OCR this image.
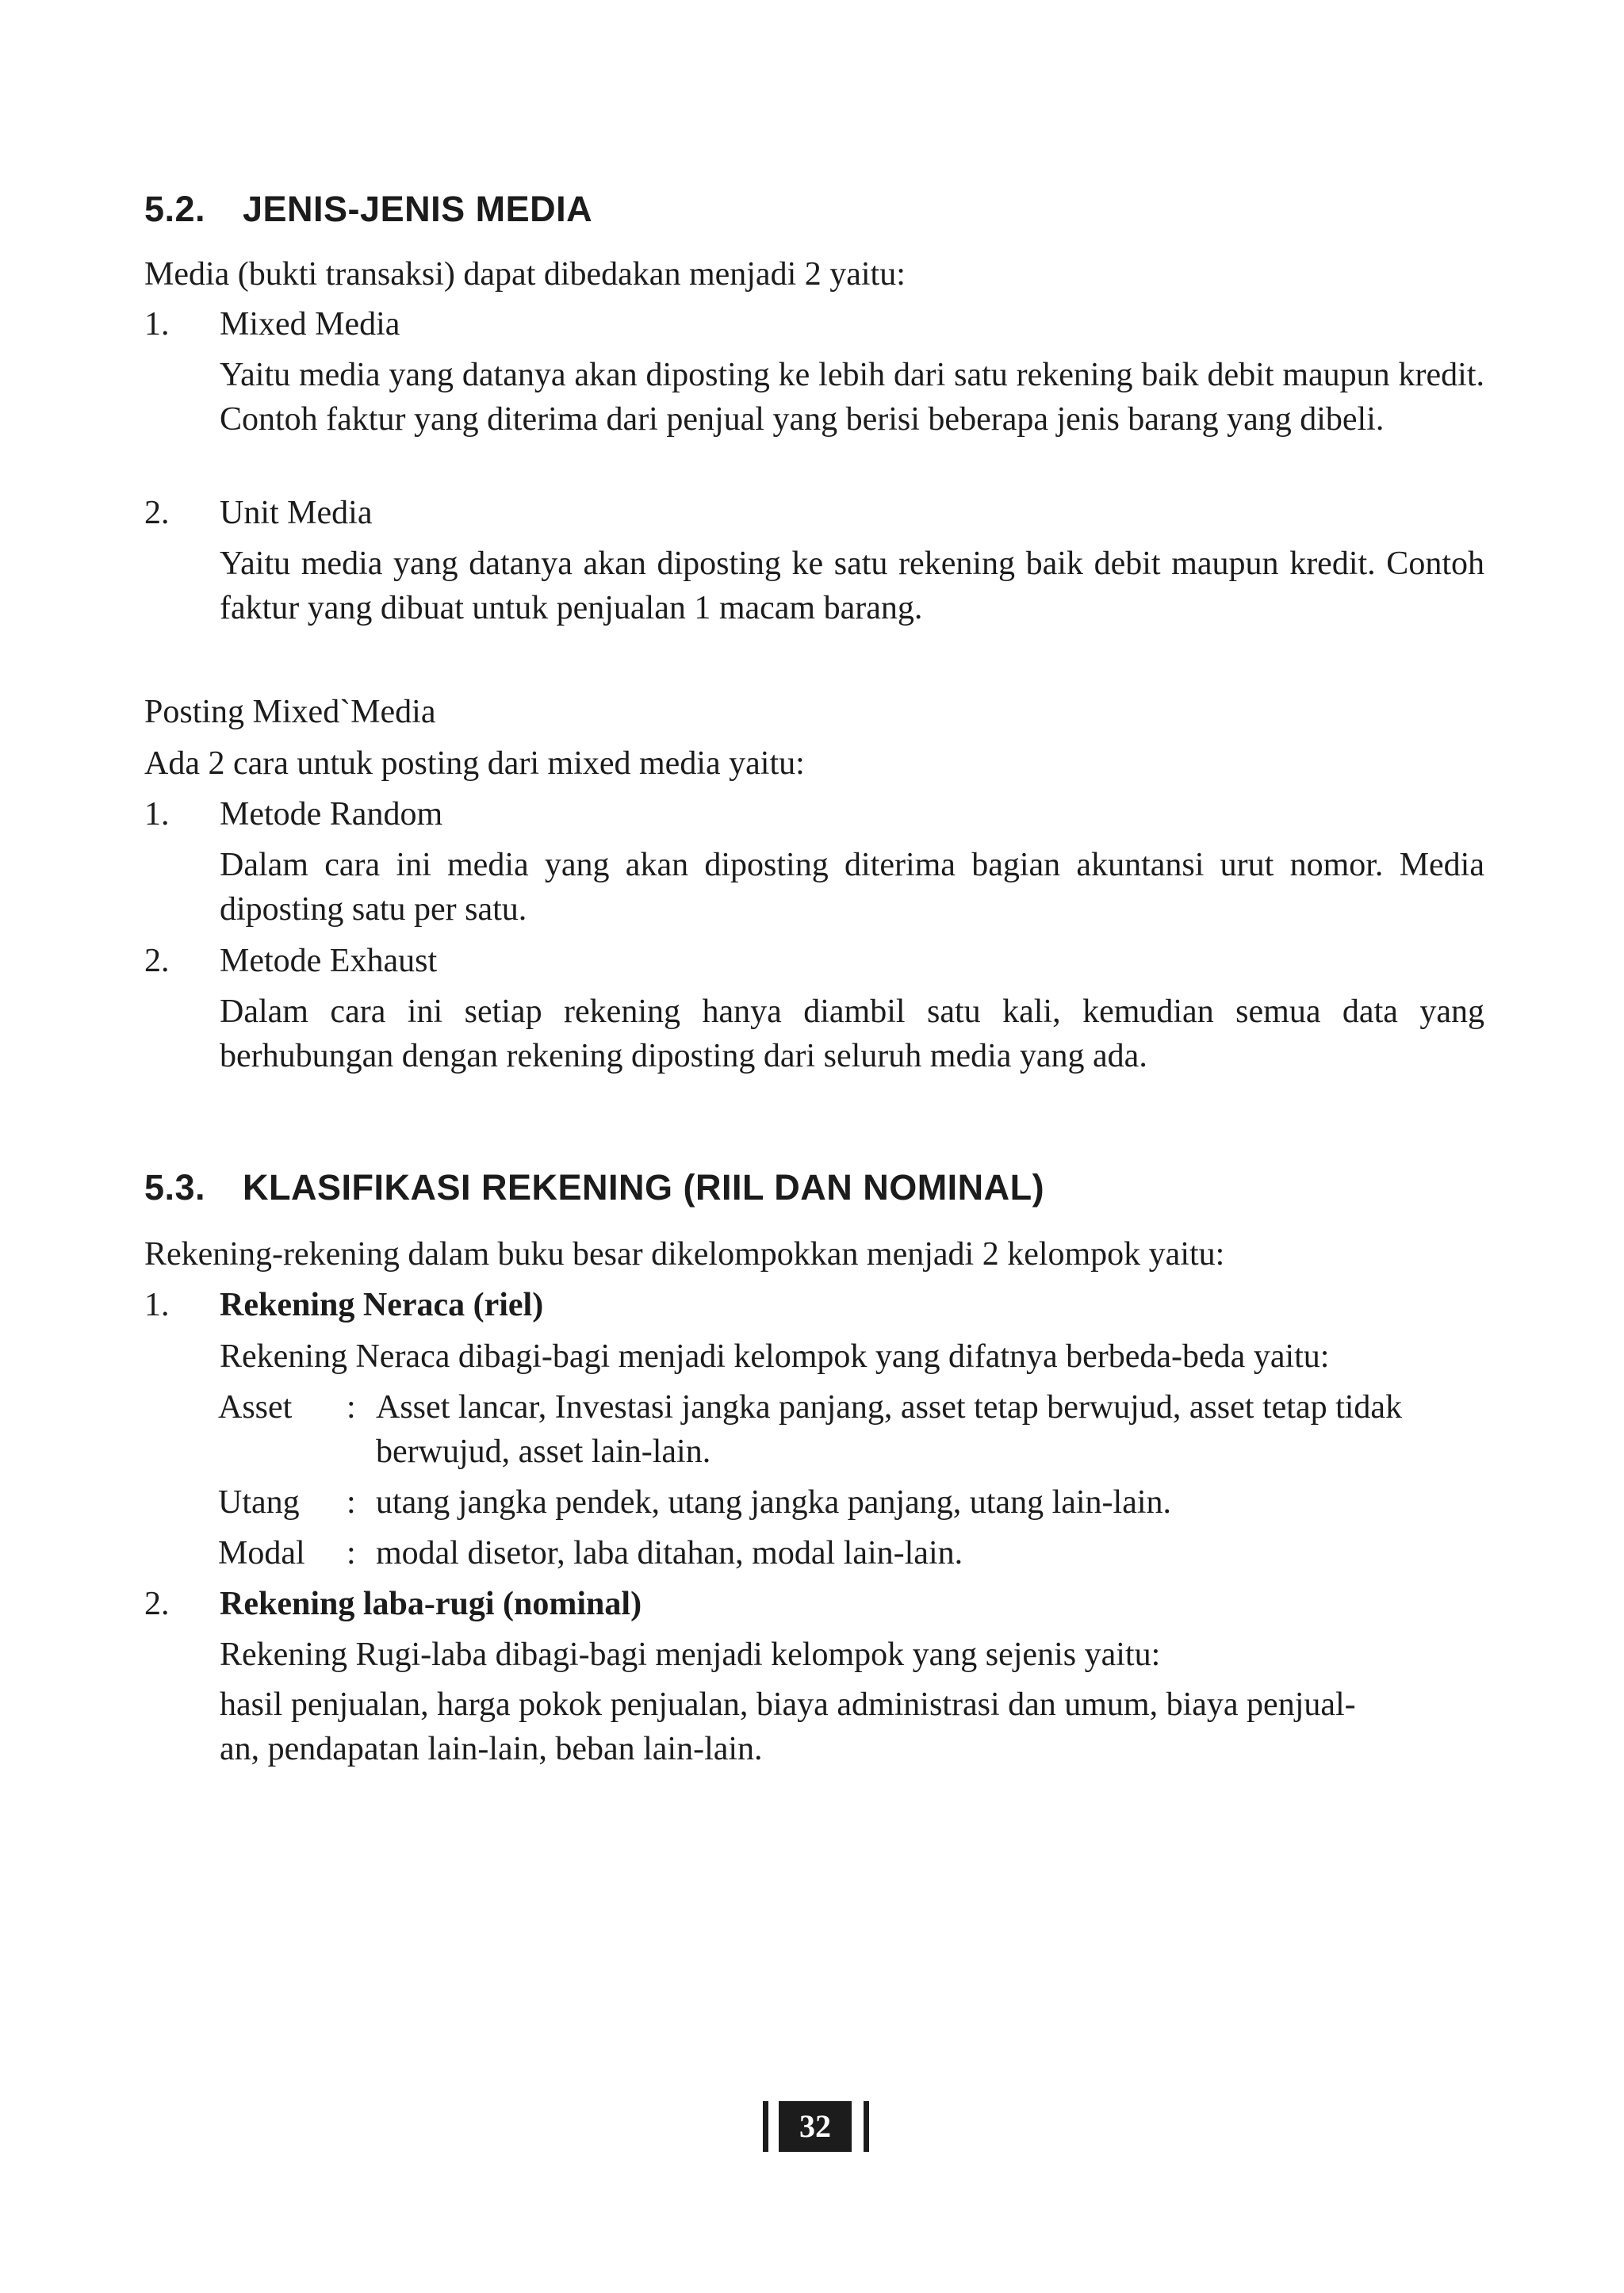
5.2. JENIS-JENIS MEDIA
Media (bukti transaksi) dapat dibedakan menjadi 2 yaitu:
1. Mixed Media

Yaitu media yang datanya akan diposting ke lebih dari satu rekening baik debit maupun kredit. Contoh faktur yang diterima dari penjual yang berisi beberapa jenis barang yang dibeli.

2. Unit Media

Yaitu media yang datanya akan diposting ke satu rekening baik debit maupun kredit. Contoh faktur yang dibuat untuk penjualan 1 macam barang.

Posting Mixed`Media
Ada 2 cara untuk posting dari mixed media yaitu:
1. Metode Random

Dalam cara ini media yang akan diposting diterima bagian akuntansi urut nomor. Media diposting satu per satu.

2. Metode Exhaust

Dalam cara ini setiap rekening hanya diambil satu kali, kemudian semua data yang berhubungan dengan rekening diposting dari seluruh media yang ada.

5.3. KLASIFIKASI REKENING (RIIL DAN NOMINAL)
Rekening-rekening dalam buku besar dikelompokkan menjadi 2 kelompok yaitu:
1. Rekening Neraca (riel)
Rekening Neraca dibagi-bagi menjadi kelompok yang difatnya berbeda-beda yaitu:
Asset : Asset lancar, Investasi jangka panjang, asset tetap berwujud, asset tetap tidak berwujud, asset lain-lain.

Utang : utang jangka pendek, utang jangka panjang, utang lain-lain.

Modal : modal disetor, laba ditahan, modal lain-lain.

2. Rekening laba-rugi (nominal)
Rekening Rugi-laba dibagi-bagi menjadi kelompok yang sejenis yaitu:
hasil penjualan, harga pokok penjualan, biaya administrasi dan umum, biaya penjual-
an, pendapatan lain-lain, beban lain-lain.
32
